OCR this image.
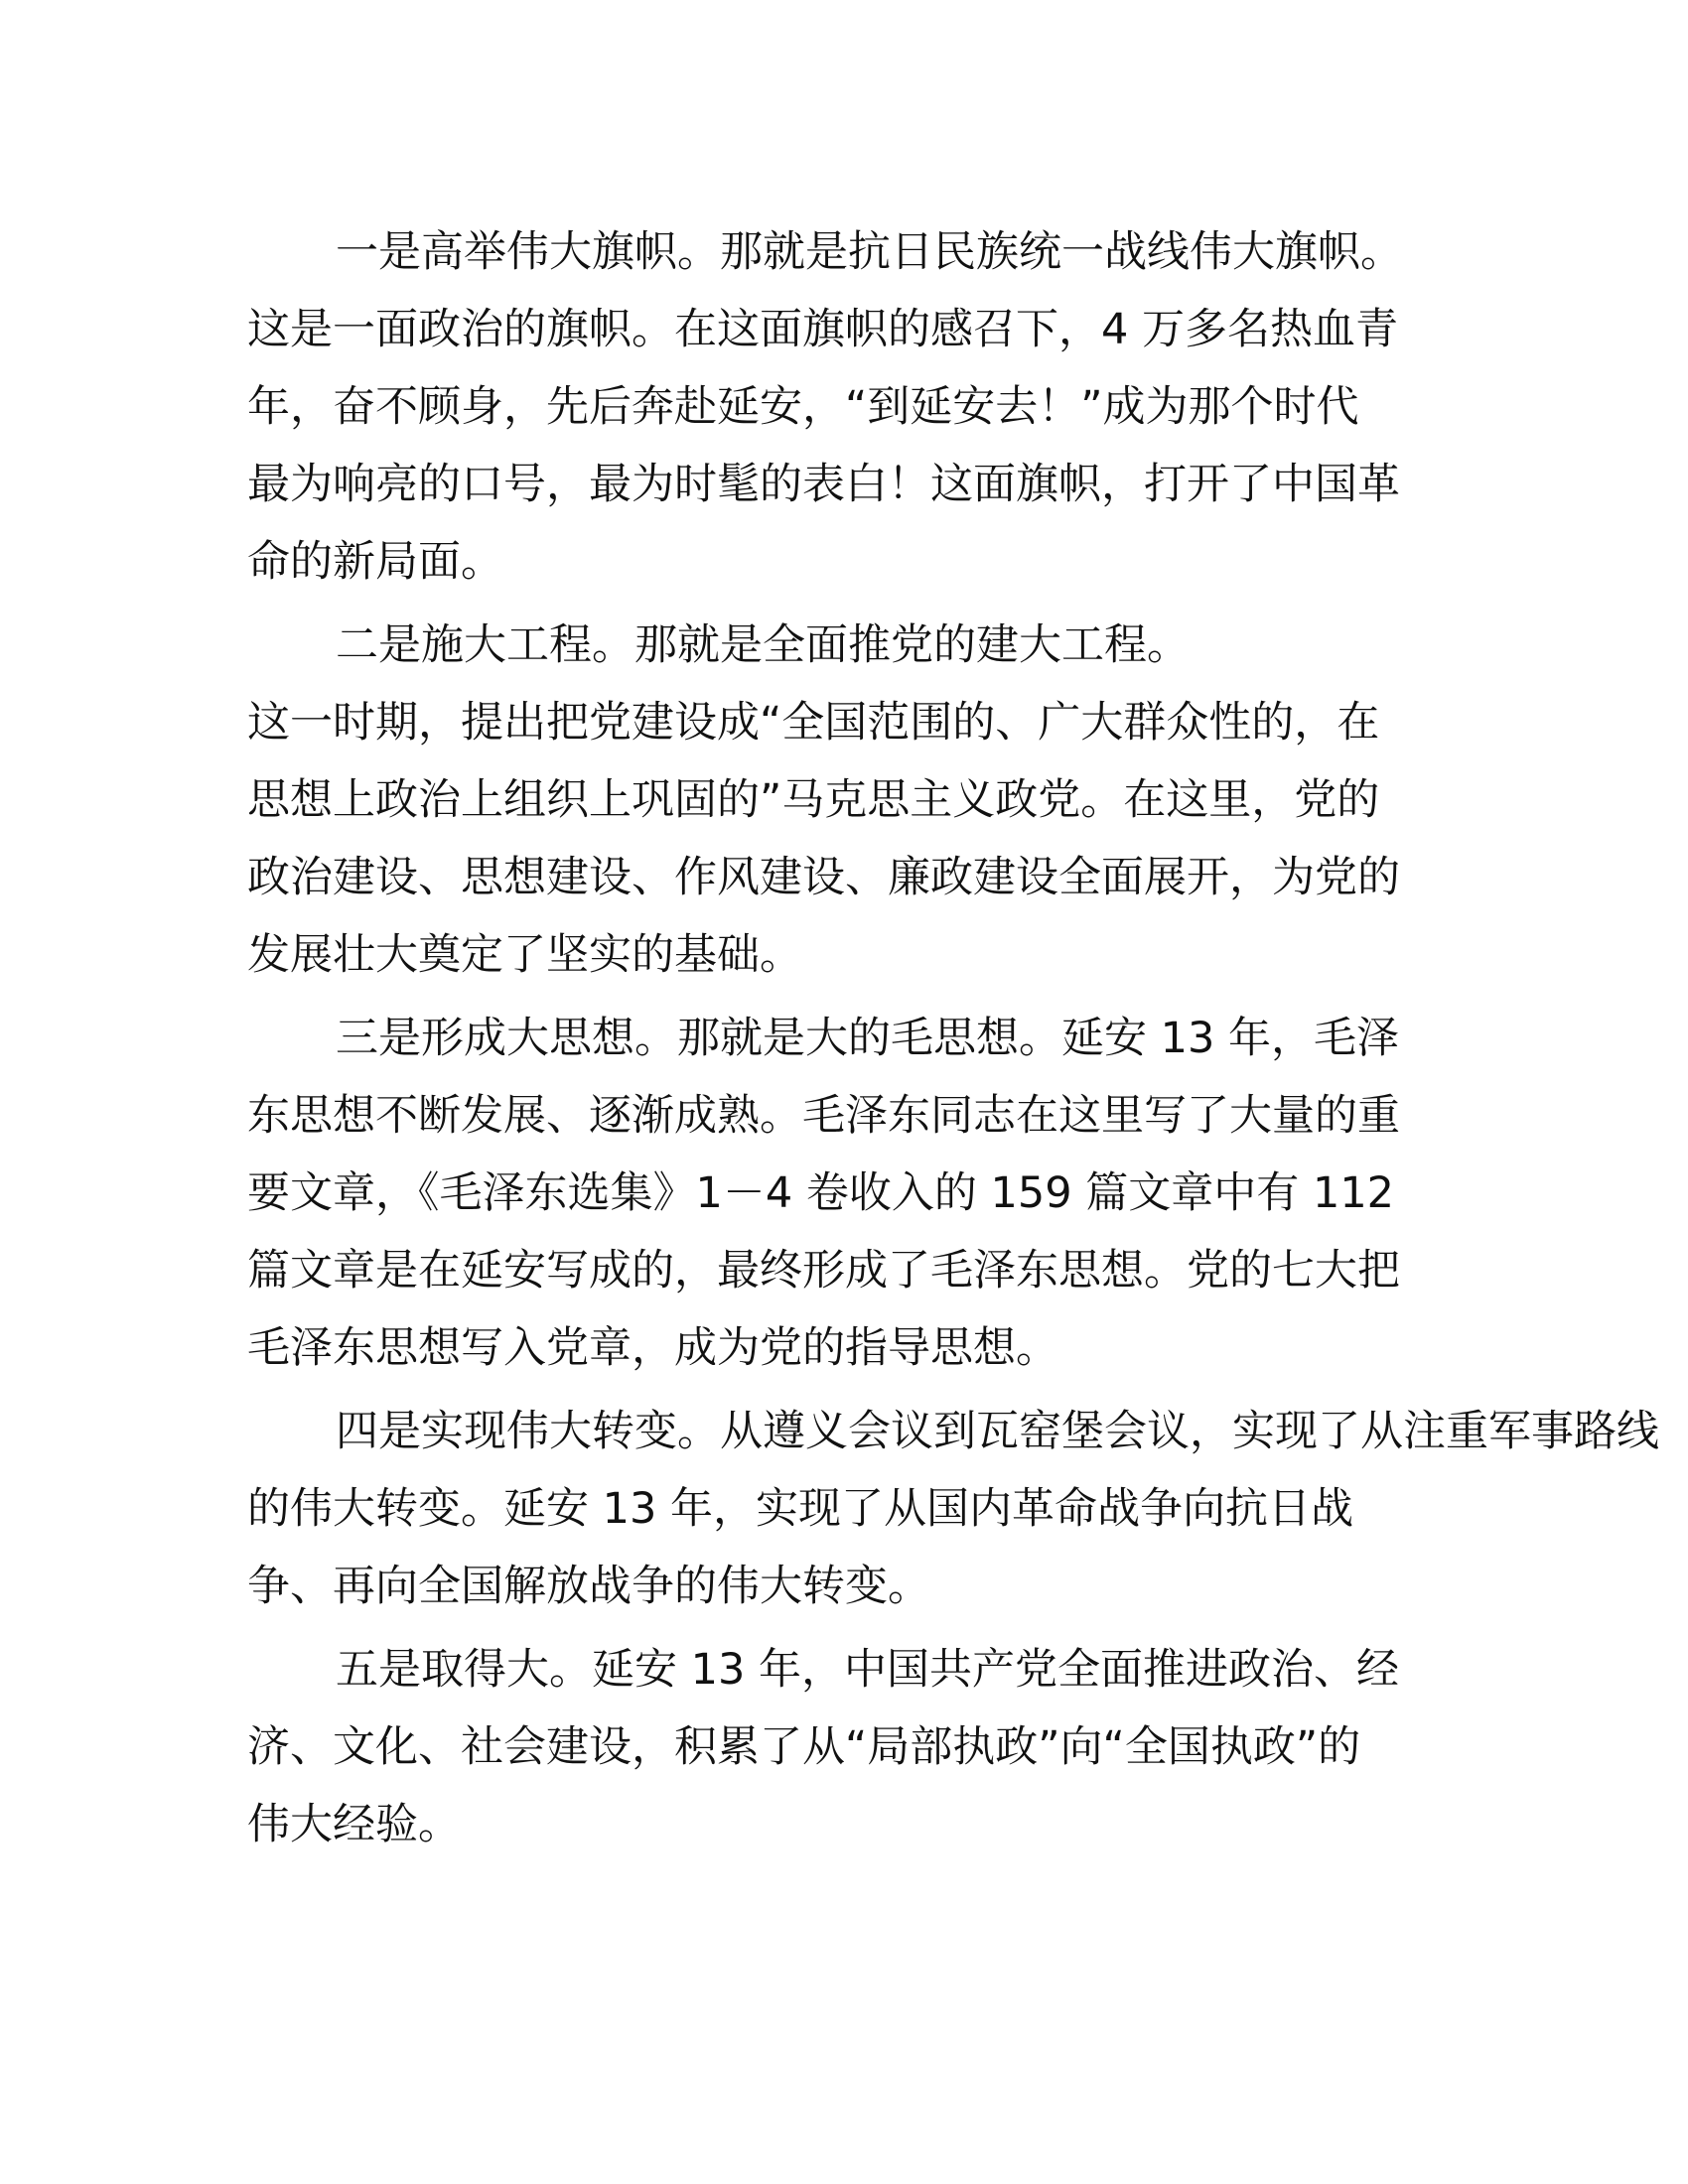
一是高举伟大旗帜。那就是抗日民族统一战线伟大旗帜。

这是一面政治的旗帜。在这面旗帜的感召下，4 万多名热血青

年，奋不顾身，先后奔赴延安，“到延安去！”成为那个时代

最为响亮的口号，最为时髦的表白！这面旗帜，打开了中国革

命的新局面。

二是施大工程。那就是全面推党的建大工程。

这一时期，提出把党建设成“全国范围的、广大群众性的，在

思想上政治上组织上巩固的”马克思主义政党。在这里，党的

政治建设、思想建设、作风建设、廉政建设全面展开，为党的

发展壮大奠定了坚实的基础。

三是形成大思想。那就是大的毛思想。延安 13 年，毛泽

东思想不断发展、逐渐成熟。毛泽东同志在这里写了大量的重

要文章，《毛泽东选集》1－4 卷收入的 159 篇文章中有 112

篇文章是在延安写成的，最终形成了毛泽东思想。党的七大把

毛泽东思想写入党章，成为党的指导思想。

四是实现伟大转变。从遵义会议到瓦窑堡会议，实现了从注重军事路线

的伟大转变。延安 13 年，实现了从国内革命战争向抗日战

争、再向全国解放战争的伟大转变。

五是取得大。延安 13 年，中国共产党全面推进政治、经

济、文化、社会建设，积累了从“局部执政”向“全国执政”的

伟大经验。
